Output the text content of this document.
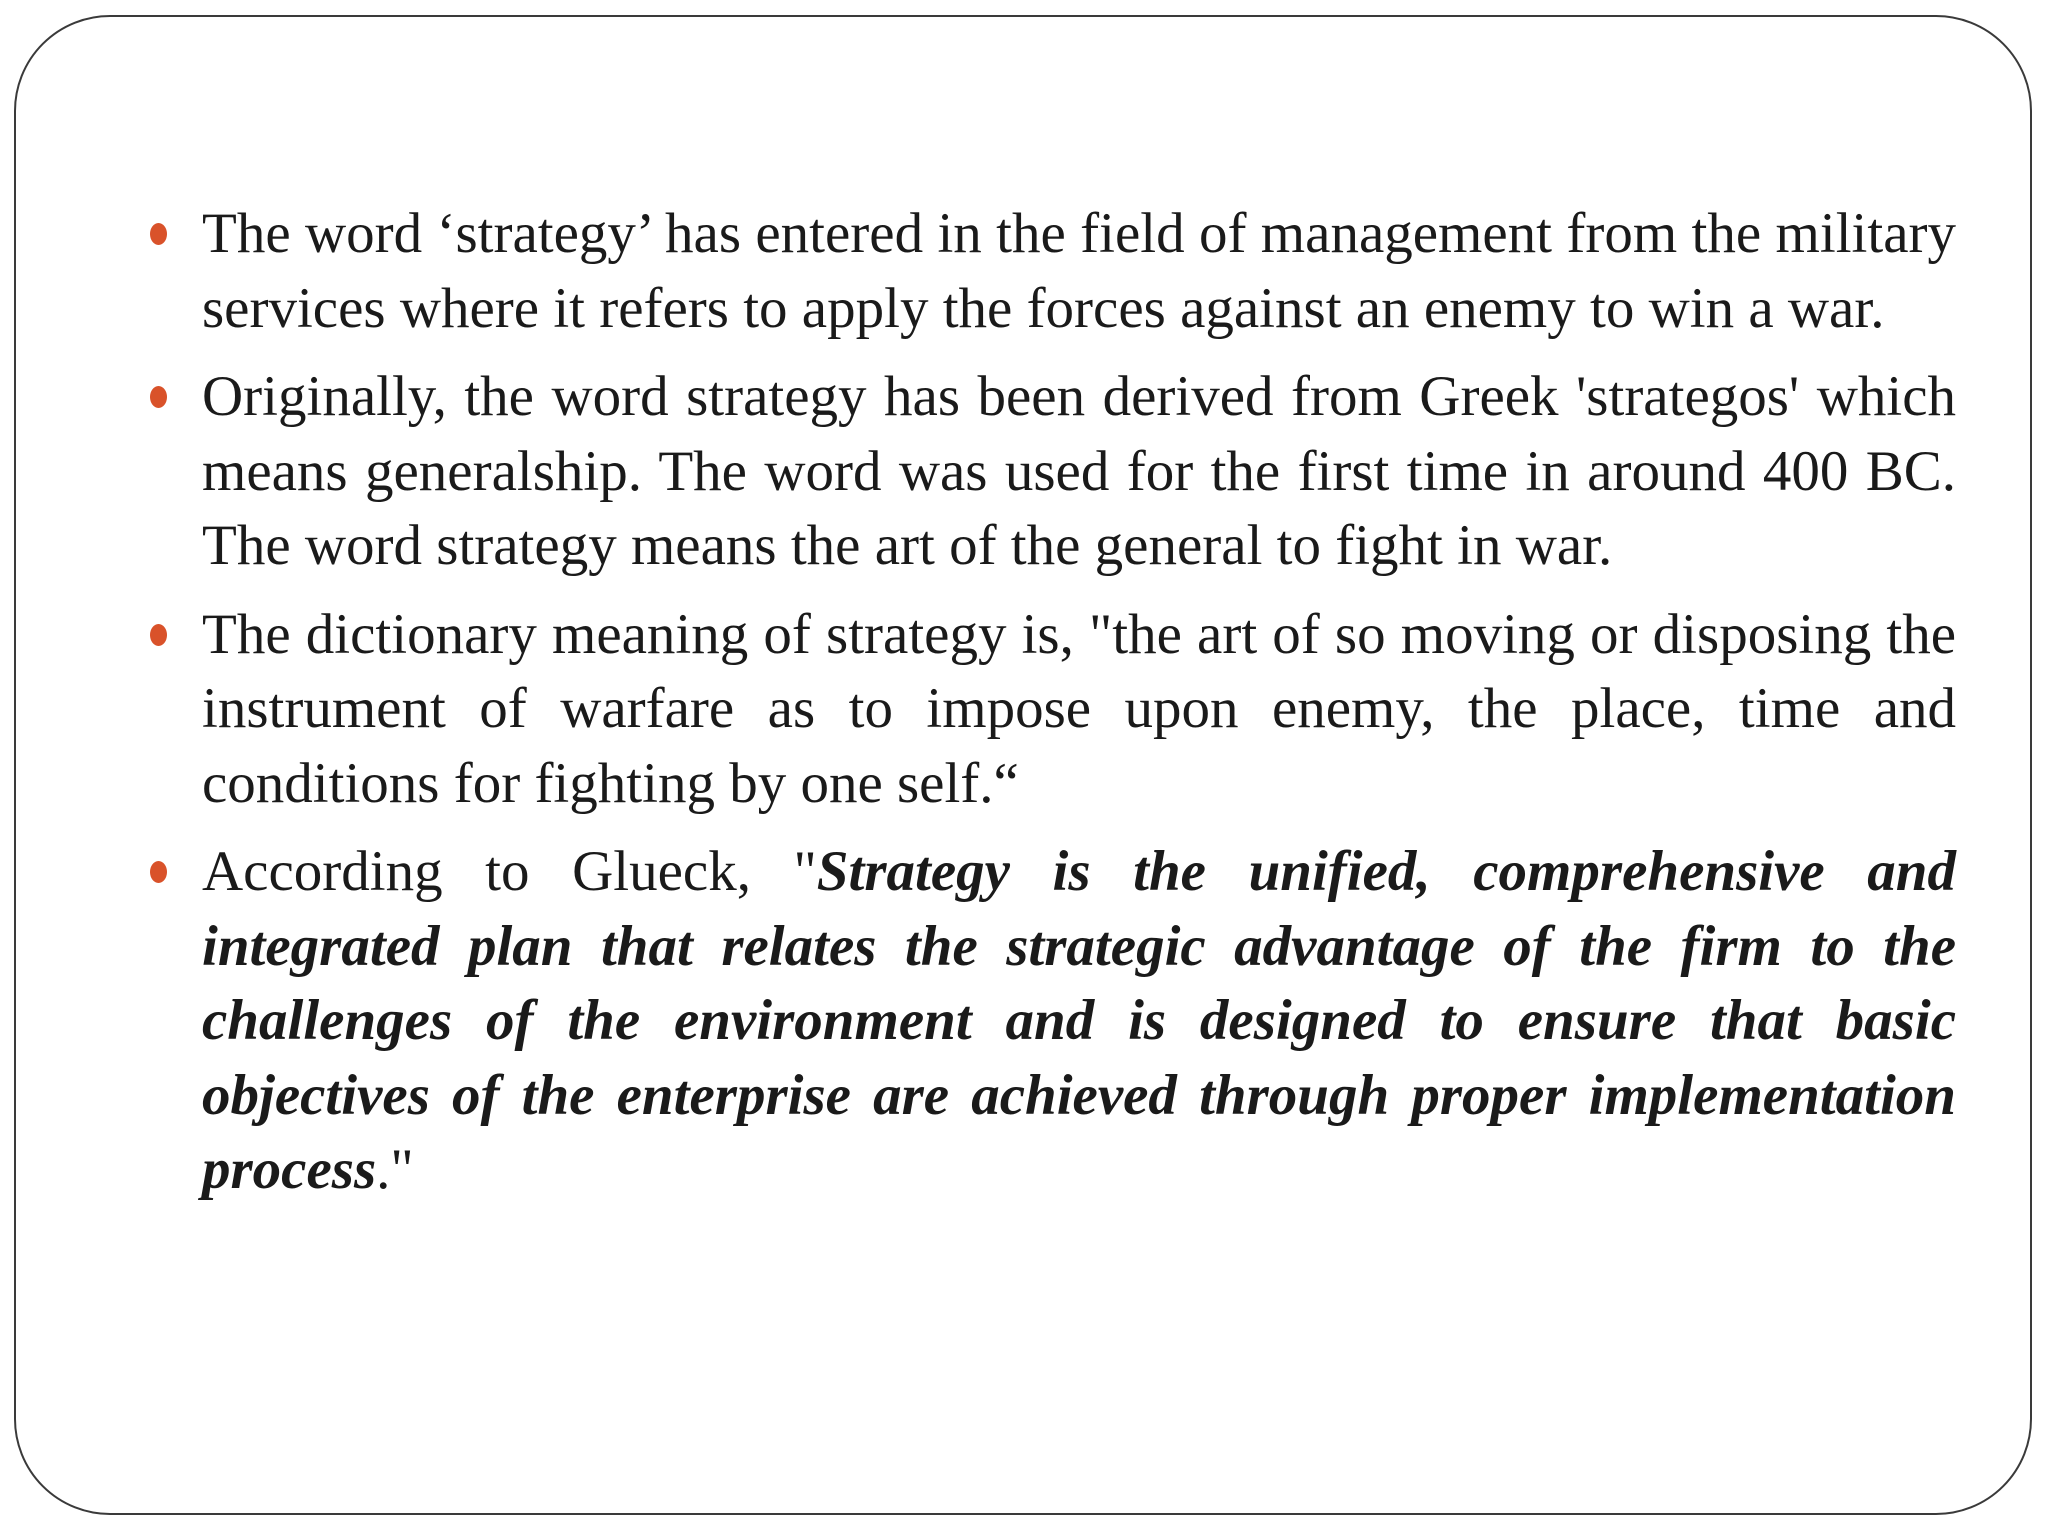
The word ‘strategy’ has entered in the field of management from the military services where it refers to apply the forces against an enemy to win a war.
Originally, the word strategy has been derived from Greek 'strategos' which means generalship. The word was used for the first time in around 400 BC. The word strategy means the art of the general to fight in war.
The dictionary meaning of strategy is, "the art of so moving or disposing the instrument of warfare as to impose upon enemy, the place, time and conditions for fighting by one self.“
According to Glueck, "Strategy is the unified, comprehensive and integrated plan that relates the strategic advantage of the firm to the challenges of the environment and is designed to ensure that basic objectives of the enterprise are achieved through proper implementation process."
